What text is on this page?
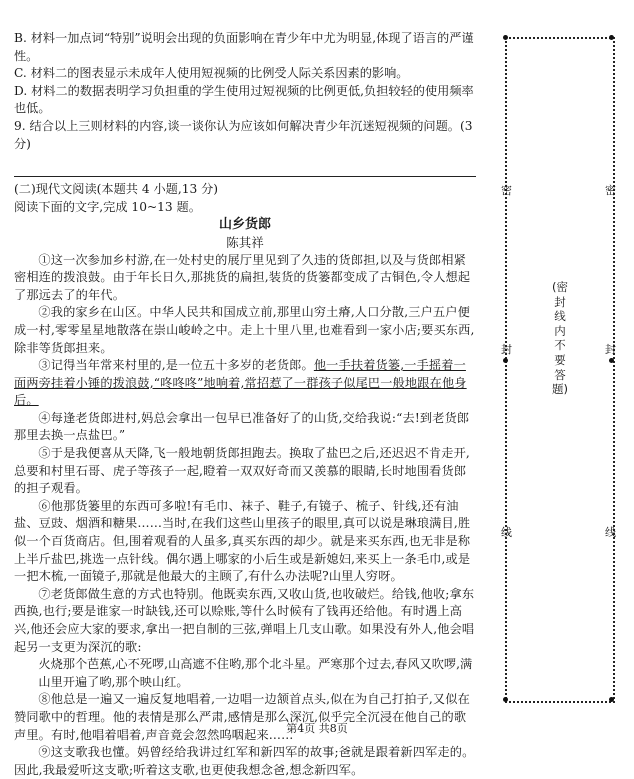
B. 材料一加点词“特别”说明会出现的负面影响在青少年中尤为明显,体现了语言的严谨性。

C. 材料二的图表显示未成年人使用短视频的比例受人际关系因素的影响。

D. 材料二的数据表明学习负担重的学生使用过短视频的比例更低,负担较轻的使用频率也低。

9. 结合以上三则材料的内容,谈一谈你认为应该如何解决青少年沉迷短视频的问题。(3分)

(二)现代文阅读(本题共 4 小题,13 分)

阅读下面的文字,完成 10~13 题。

山乡货郎

陈其祥

①这一次参加乡村游,在一处村史的展厅里见到了久违的货郎担,以及与货郎相紧密相连的拨浪鼓。由于年长日久,那挑货的扁担,装货的货篓都变成了古铜色,令人想起了那远去了的年代。

②我的家乡在山区。中华人民共和国成立前,那里山穷土瘠,人口分散,三户五户便成一村,零零星星地散落在崇山峻岭之中。走上十里八里,也难看到一家小店;要买东西,除非等货郎担来。

③记得当年常来村里的,是一位五十多岁的老货郎。他一手扶着货篓,一手摇着一面两旁挂着小锤的拨浪鼓,“咚咚咚”地响着,常招惹了一群孩子似尾巴一般地跟在他身后。

④每逢老货郎进村,妈总会拿出一包早已准备好了的山货,交给我说:“去!到老货郎那里去换一点盐巴。”

⑤于是我便喜从天降,飞一般地朝货郎担跑去。换取了盐巴之后,还迟迟不肯走开,总要和村里石哥、虎子等孩子一起,瞪着一双双好奇而又羡慕的眼睛,长时地围看货郎的担子观看。

⑥他那货篓里的东西可多啦!有毛巾、袜子、鞋子,有镜子、梳子、针线,还有油盐、豆豉、烟酒和糖果……当时,在我们这些山里孩子的眼里,真可以说是琳琅满目,胜似一个百货商店。但,围着观看的人虽多,真买东西的却少。就是来买东西,也无非是称上半斤盐巴,挑选一点针线。偶尔遇上哪家的小后生或是新媳妇,来买上一条毛巾,或是一把木梳,一面镜子,那就是他最大的主顾了,有什么办法呢?山里人穷呀。

⑦老货郎做生意的方式也特别。他既卖东西,又收山货,也收破烂。给钱,他收;拿东西换,也行;要是谁家一时缺钱,还可以赊账,等什么时候有了钱再还给他。有时遇上高兴,他还会应大家的要求,拿出一把自制的三弦,弹唱上几支山歌。如果没有外人,他会唱起另一支更为深沉的歌:

火烧那个芭蕉,心不死啰,山高遮不住哟,那个北斗星。严寒那个过去,春风又吹啰,满山里开遍了哟,那个映山红。

⑧他总是一遍又一遍反复地唱着,一边唱一边颔首点头,似在为自己打拍子,又似在赞同歌中的哲理。他的表情是那么严肃,感情是那么深沉,似乎完全沉浸在他自己的歌声里。有时,他唱着唱着,声音竟会忽然呜咽起来……

⑨这支歌我也懂。妈曾经给我讲过红军和新四军的故事;爸就是跟着新四军走的。因此,我最爱听这支歌;听着这支歌,也更使我想念爸,想念新四军。

第4页 共8页
密	密
封	封
线	线
(密封线内不要答题)
